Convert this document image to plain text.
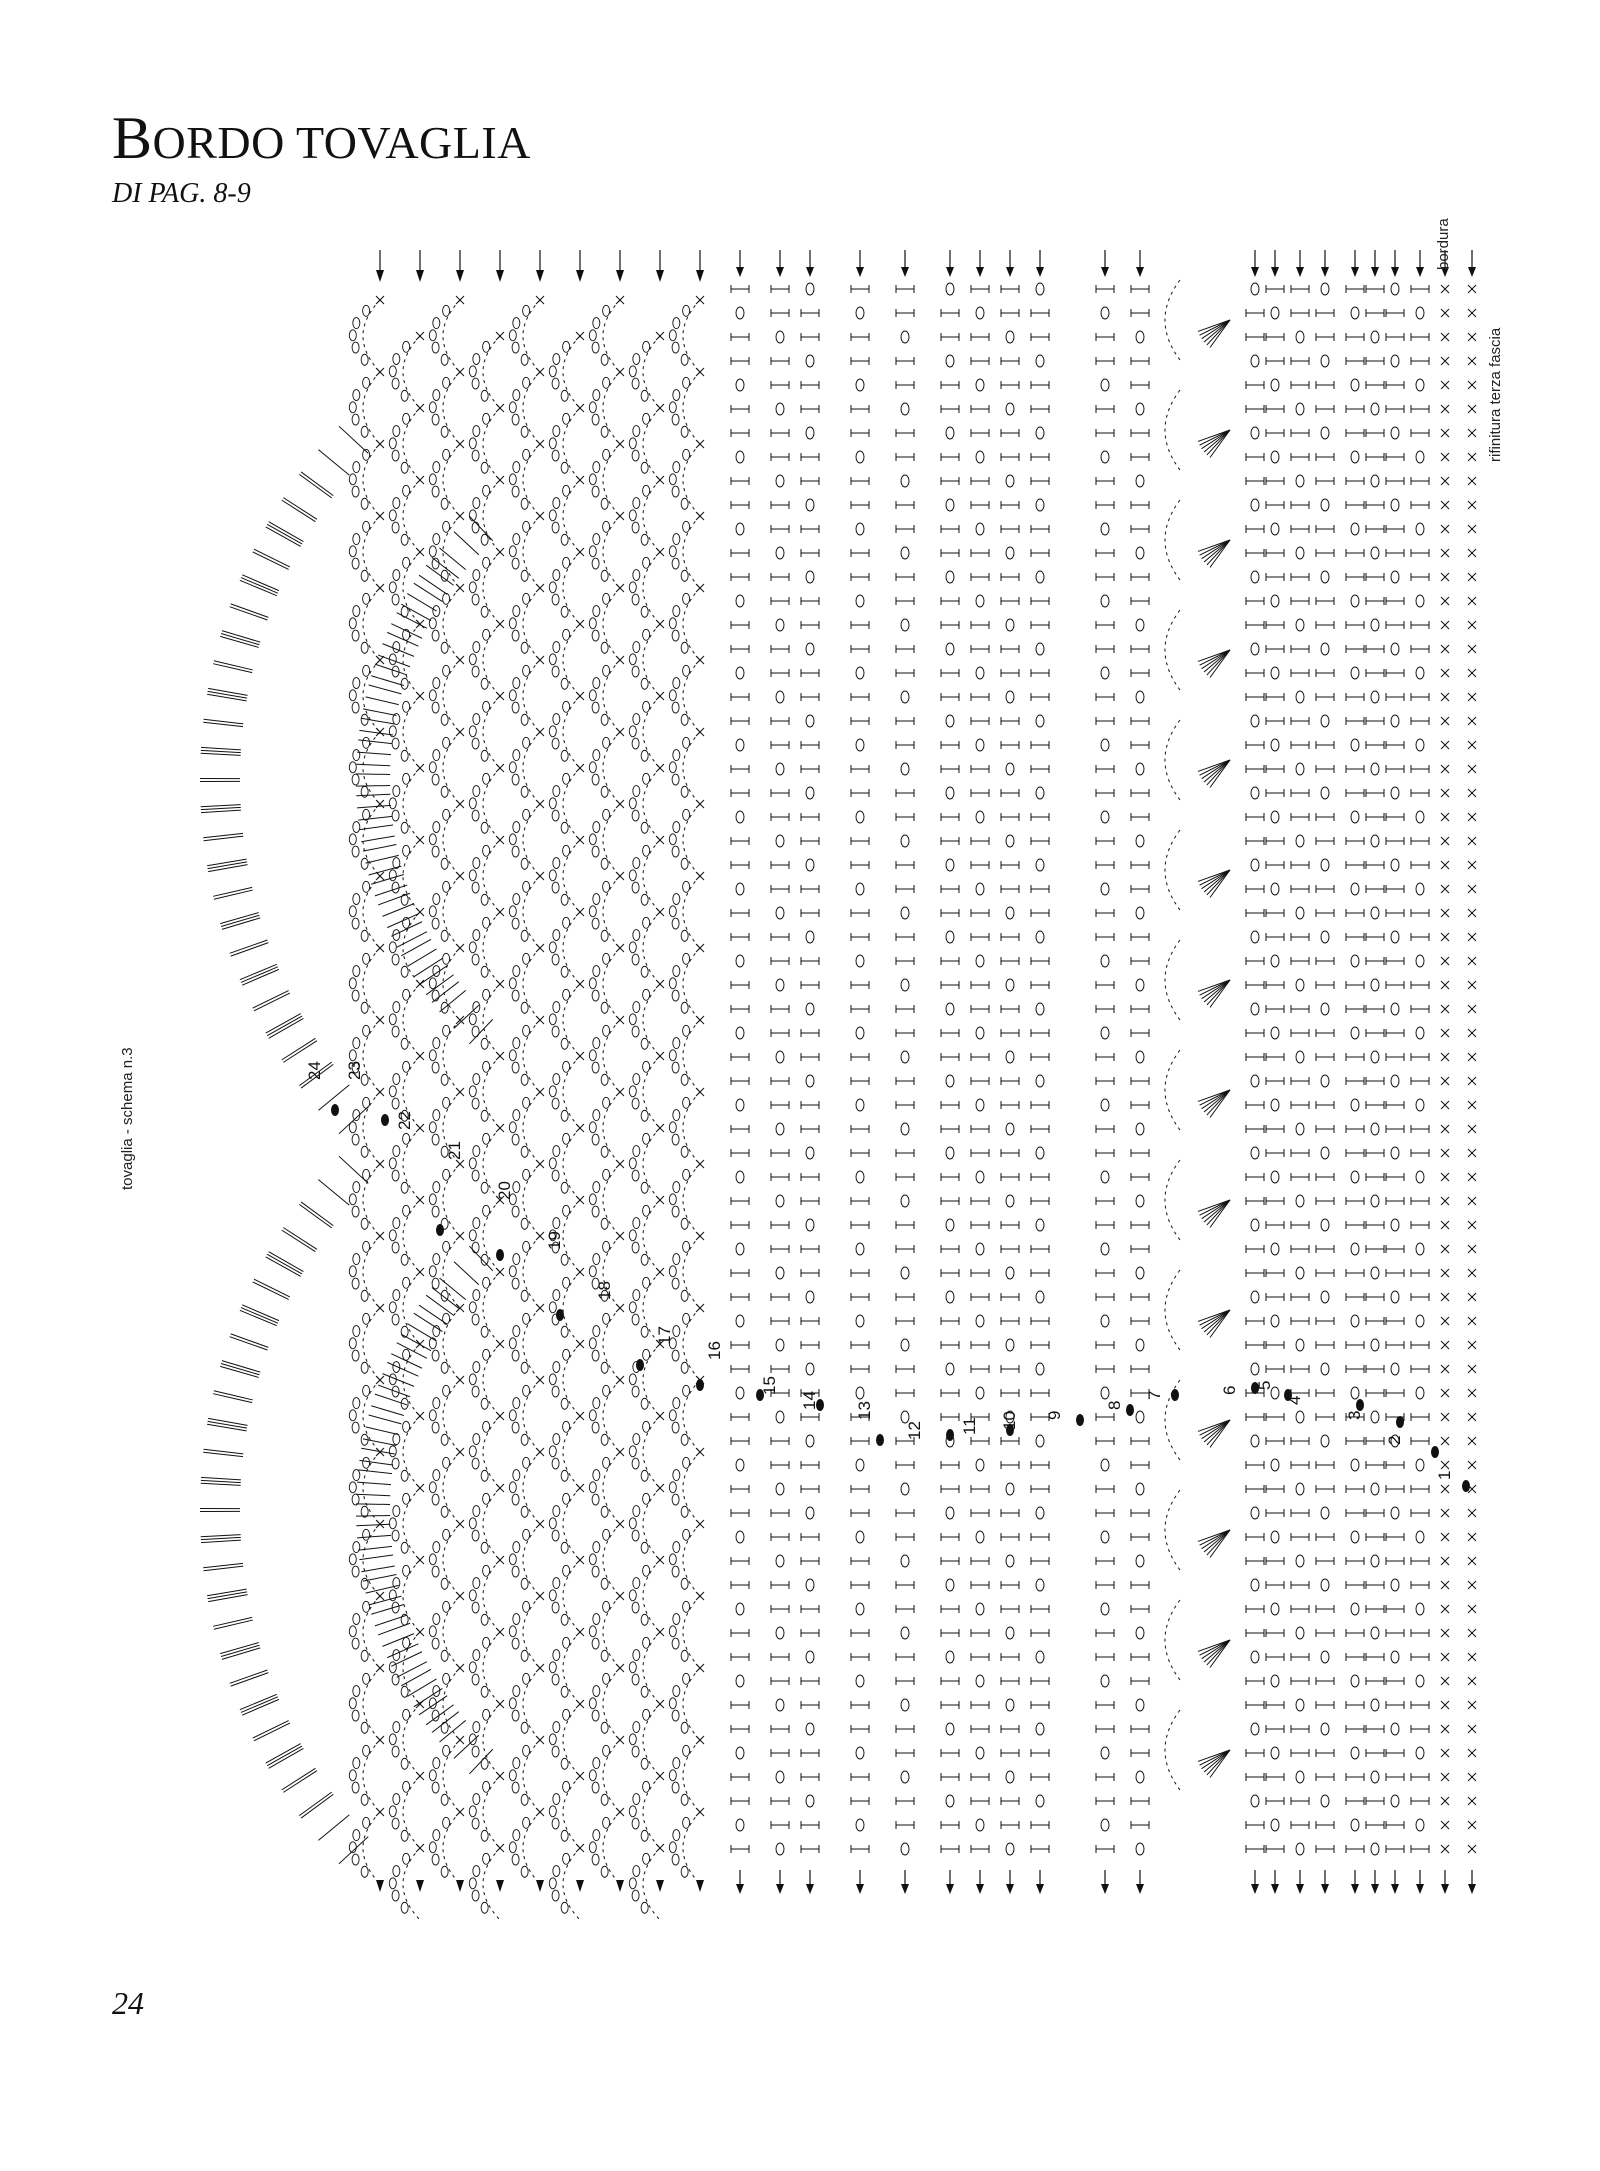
BORDO TOVAGLIA
DI PAG. 8-9
tovaglia - schema n.3
bordura
rifinitura terza fascia
1
2
3
4
5
6
7
8
9
10
11
12
13
14
15
16
17
18
19
20
21
22
23
24
24
